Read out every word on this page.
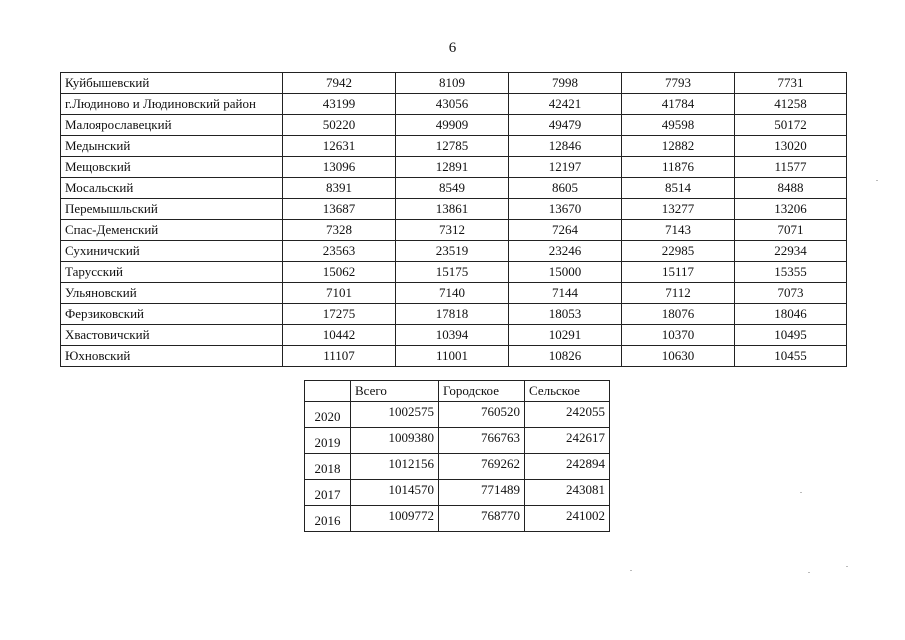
6
Куйбышевский	7942	8109	7998	7793	7731
г.Людиново и Людиновский район	43199	43056	42421	41784	41258
Малоярославецкий	50220	49909	49479	49598	50172
Медынский	12631	12785	12846	12882	13020
Мещовский	13096	12891	12197	11876	11577
Мосальский	8391	8549	8605	8514	8488
Перемышльский	13687	13861	13670	13277	13206
Спас-Деменский	7328	7312	7264	7143	7071
Сухиничский	23563	23519	23246	22985	22934
Тарусский	15062	15175	15000	15117	15355
Ульяновский	7101	7140	7144	7112	7073
Ферзиковский	17275	17818	18053	18076	18046
Хвастовичский	10442	10394	10291	10370	10495
Юхновский	11107	11001	10826	10630	10455
	Всего	Городское	Сельское
2020	1002575	760520	242055
2019	1009380	766763	242617
2018	1012156	769262	242894
2017	1014570	771489	243081
2016	1009772	768770	241002
